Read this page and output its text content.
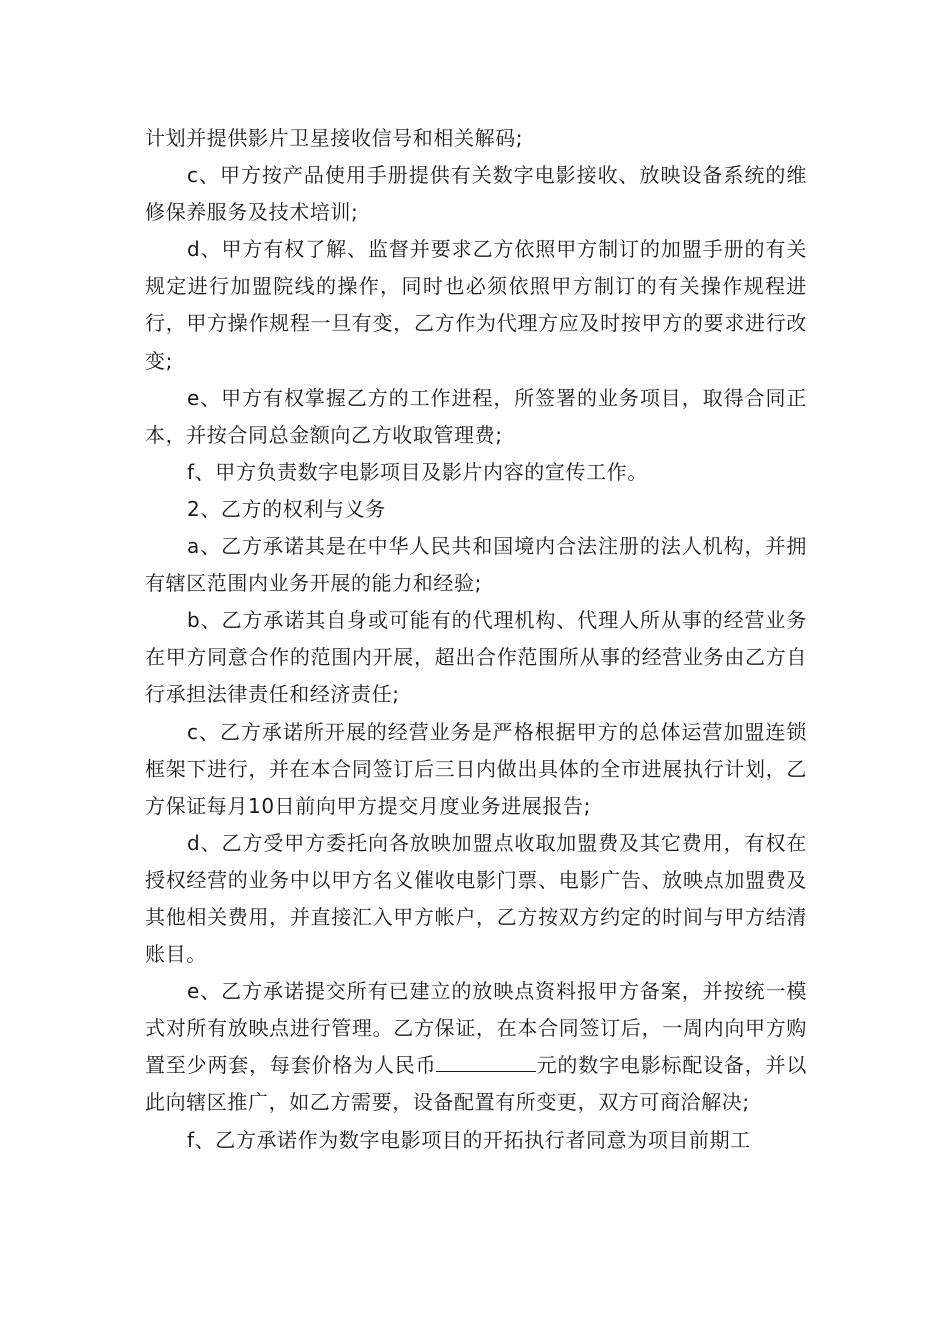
计划并提供影片卫星接收信号和相关解码;

c、甲方按产品使用手册提供有关数字电影接收、放映设备系统的维修保养服务及技术培训;

d、甲方有权了解、监督并要求乙方依照甲方制订的加盟手册的有关规定进行加盟院线的操作，同时也必须依照甲方制订的有关操作规程进行，甲方操作规程一旦有变，乙方作为代理方应及时按甲方的要求进行改变;

e、甲方有权掌握乙方的工作进程，所签署的业务项目，取得合同正本，并按合同总金额向乙方收取管理费;

f、甲方负责数字电影项目及影片内容的宣传工作。

2、乙方的权利与义务

a、乙方承诺其是在中华人民共和国境内合法注册的法人机构，并拥有辖区范围内业务开展的能力和经验;

b、乙方承诺其自身或可能有的代理机构、代理人所从事的经营业务在甲方同意合作的范围内开展，超出合作范围所从事的经营业务由乙方自行承担法律责任和经济责任;

c、乙方承诺所开展的经营业务是严格根据甲方的总体运营加盟连锁框架下进行，并在本合同签订后三日内做出具体的全市进展执行计划，乙方保证每月10日前向甲方提交月度业务进展报告;

d、乙方受甲方委托向各放映加盟点收取加盟费及其它费用，有权在授权经营的业务中以甲方名义催收电影门票、电影广告、放映点加盟费及其他相关费用，并直接汇入甲方帐户，乙方按双方约定的时间与甲方结清账目。

e、乙方承诺提交所有已建立的放映点资料报甲方备案，并按统一模式对所有放映点进行管理。乙方保证，在本合同签订后，一周内向甲方购置至少两套，每套价格为人民币	元的数字电影标配设备，并以此向辖区推广，如乙方需要，设备配置有所变更，双方可商洽解决;

f、乙方承诺作为数字电影项目的开拓执行者同意为项目前期工
